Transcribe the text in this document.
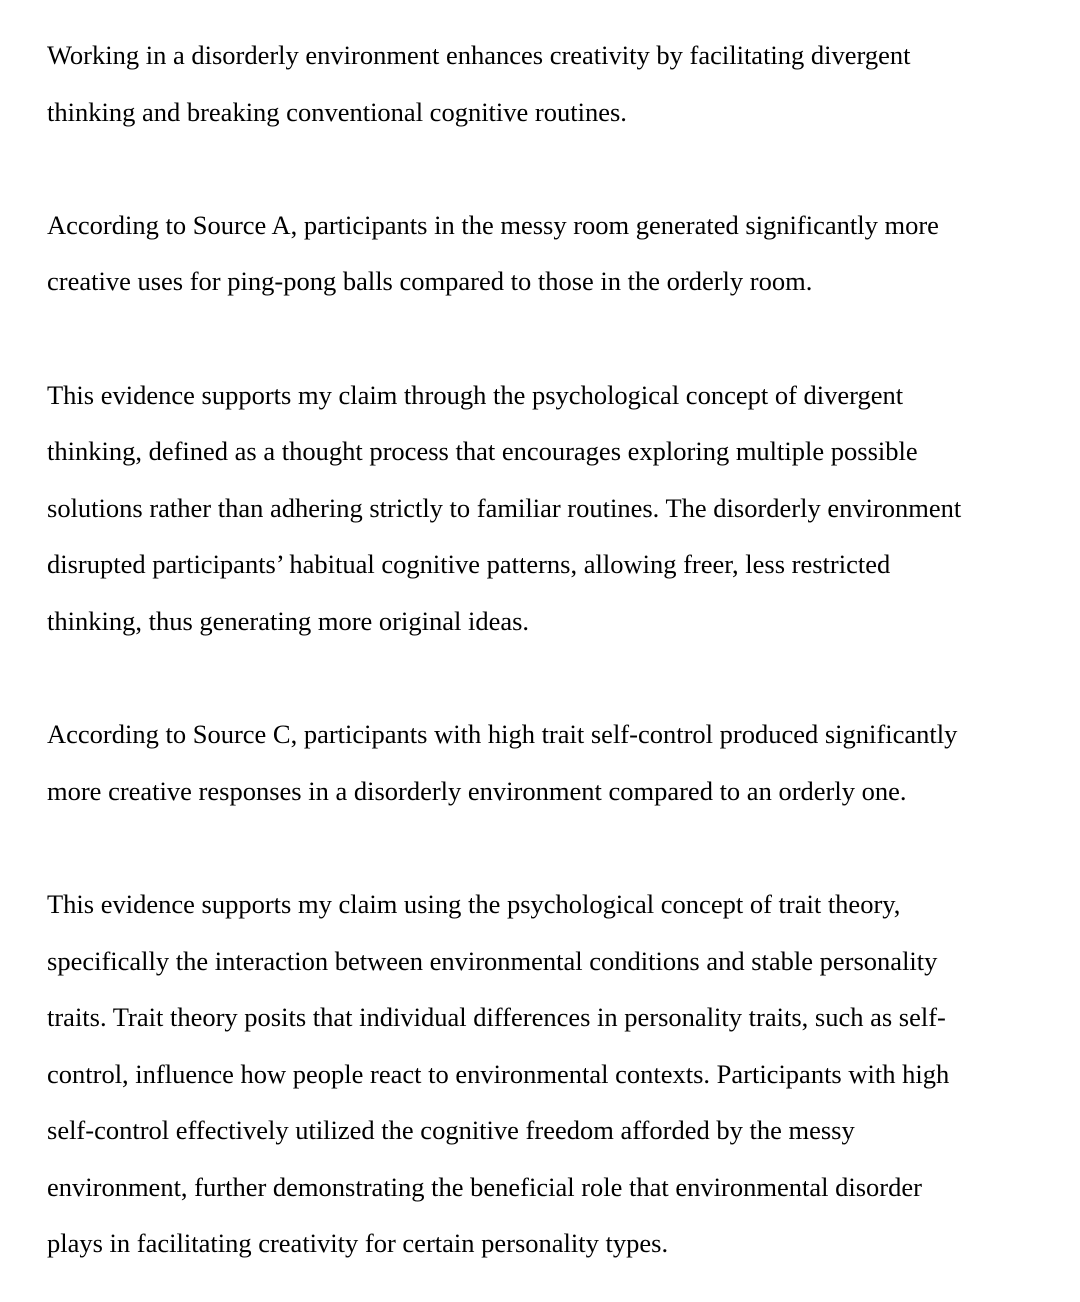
Working in a disorderly environment enhances creativity by facilitating divergent
thinking and breaking conventional cognitive routines.

According to Source A, participants in the messy room generated significantly more
creative uses for ping-pong balls compared to those in the orderly room.

This evidence supports my claim through the psychological concept of divergent
thinking, defined as a thought process that encourages exploring multiple possible
solutions rather than adhering strictly to familiar routines. The disorderly environment
disrupted participants’ habitual cognitive patterns, allowing freer, less restricted
thinking, thus generating more original ideas.

According to Source C, participants with high trait self-control produced significantly
more creative responses in a disorderly environment compared to an orderly one.

This evidence supports my claim using the psychological concept of trait theory,
specifically the interaction between environmental conditions and stable personality
traits. Trait theory posits that individual differences in personality traits, such as self-
control, influence how people react to environmental contexts. Participants with high
self-control effectively utilized the cognitive freedom afforded by the messy
environment, further demonstrating the beneficial role that environmental disorder
plays in facilitating creativity for certain personality types.
